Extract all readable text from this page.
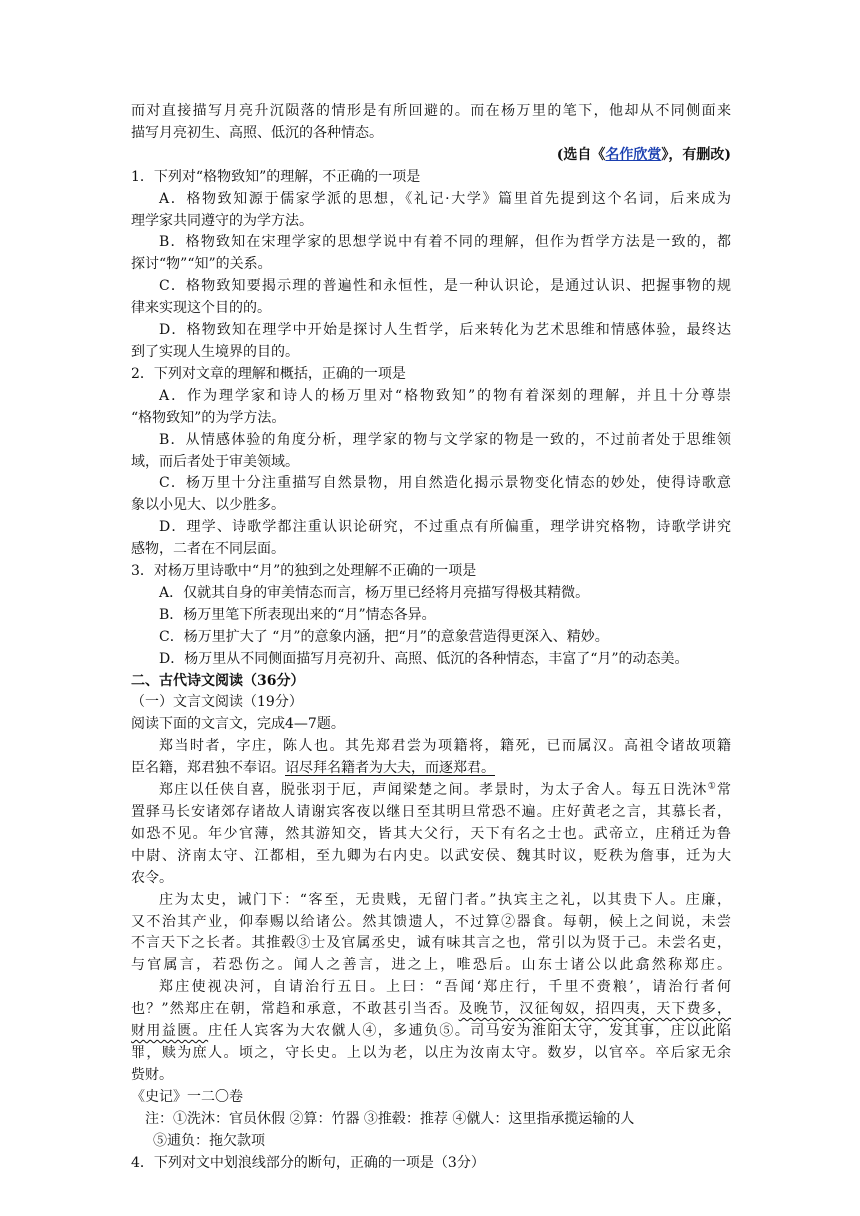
而对直接描写月亮升沉陨落的情形是有所回避的。而在杨万里的笔下，他却从不同侧面来
描写月亮初生、高照、低沉的各种情态。
(选自《名作欣赏》，有删改)
1．下列对“格物致知”的理解，不正确的一项是
A．格物致知源于儒家学派的思想，《礼记·大学》篇里首先提到这个名词，后来成为
理学家共同遵守的为学方法。
B．格物致知在宋理学家的思想学说中有着不同的理解，但作为哲学方法是一致的，都
探讨“物”“知”的关系。
C．格物致知要揭示理的普遍性和永恒性，是一种认识论，是通过认识、把握事物的规
律来实现这个目的的。
D．格物致知在理学中开始是探讨人生哲学，后来转化为艺术思维和情感体验，最终达
到了实现人生境界的目的。
2．下列对文章的理解和概括，正确的一项是
A．作为理学家和诗人的杨万里对“格物致知”的物有着深刻的理解，并且十分尊崇
“格物致知”的为学方法。
B．从情感体验的角度分析，理学家的物与文学家的物是一致的，不过前者处于思维领
域，而后者处于审美领域。
C．杨万里十分注重描写自然景物，用自然造化揭示景物变化情态的妙处，使得诗歌意
象以小见大、以少胜多。
D．理学、诗歌学都注重认识论研究，不过重点有所偏重，理学讲究格物，诗歌学讲究
感物，二者在不同层面。
3．对杨万里诗歌中“月”的独到之处理解不正确的一项是
A．仅就其自身的审美情态而言，杨万里已经将月亮描写得极其精微。
B．杨万里笔下所表现出来的“月”情态各异。
C．杨万里扩大了 “月”的意象内涵，把“月”的意象营造得更深入、精妙。
D．杨万里从不同侧面描写月亮初升、高照、低沉的各种情态，丰富了“月”的动态美。
二、古代诗文阅读（36分）
（一）文言文阅读（19分）
阅读下面的文言文，完成4—7题。
郑当时者，字庄，陈人也。其先郑君尝为项籍将，籍死，已而属汉。高祖令诸故项籍
臣名籍，郑君独不奉诏。诏尽拜名籍者为大夫，而逐郑君。
郑庄以任侠自喜，脱张羽于厄，声闻梁楚之间。孝景时，为太子舍人。每五日洗沐①常
置驿马长安诸郊存诸故人请谢宾客夜以继日至其明旦常恐不遍。庄好黄老之言，其慕长者，
如恐不见。年少官薄，然其游知交，皆其大父行，天下有名之士也。武帝立，庄稍迁为鲁
中尉、济南太守、江都相，至九卿为右内史。以武安侯、魏其时议，贬秩为詹事，迁为大
农令。
庄为太史，诫门下：“客至，无贵贱，无留门者。”执宾主之礼，以其贵下人。庄廉，
又不治其产业，仰奉赐以给诸公。然其馈遗人，不过算②器食。每朝，候上之间说，未尝
不言天下之长者。其推毂③士及官属丞史，诚有味其言之也，常引以为贤于己。未尝名吏，
与官属言，若恐伤之。闻人之善言，进之上，唯恐后。山东士诸公以此翕然称郑庄。
郑庄使视决河，自请治行五日。上曰：“吾闻‘郑庄行，千里不赍粮’，请治行者何
也？”然郑庄在朝，常趋和承意，不敢甚引当否。及晚节，汉征匈奴，招四夷，天下费多，
财用益匮。庄任人宾客为大农僦人④，多逋负⑤。司马安为淮阳太守，发其事，庄以此陷
罪，赎为庶人。顷之，守长史。上以为老，以庄为汝南太守。数岁，以官卒。卒后家无余
赀财。
《史记》一二〇卷
注：①洗沐：官员休假 ②算：竹器 ③推毂：推荐 ④僦人：这里指承揽运输的人
⑤逋负：拖欠款项
4．下列对文中划浪线部分的断句，正确的一项是（3分）
